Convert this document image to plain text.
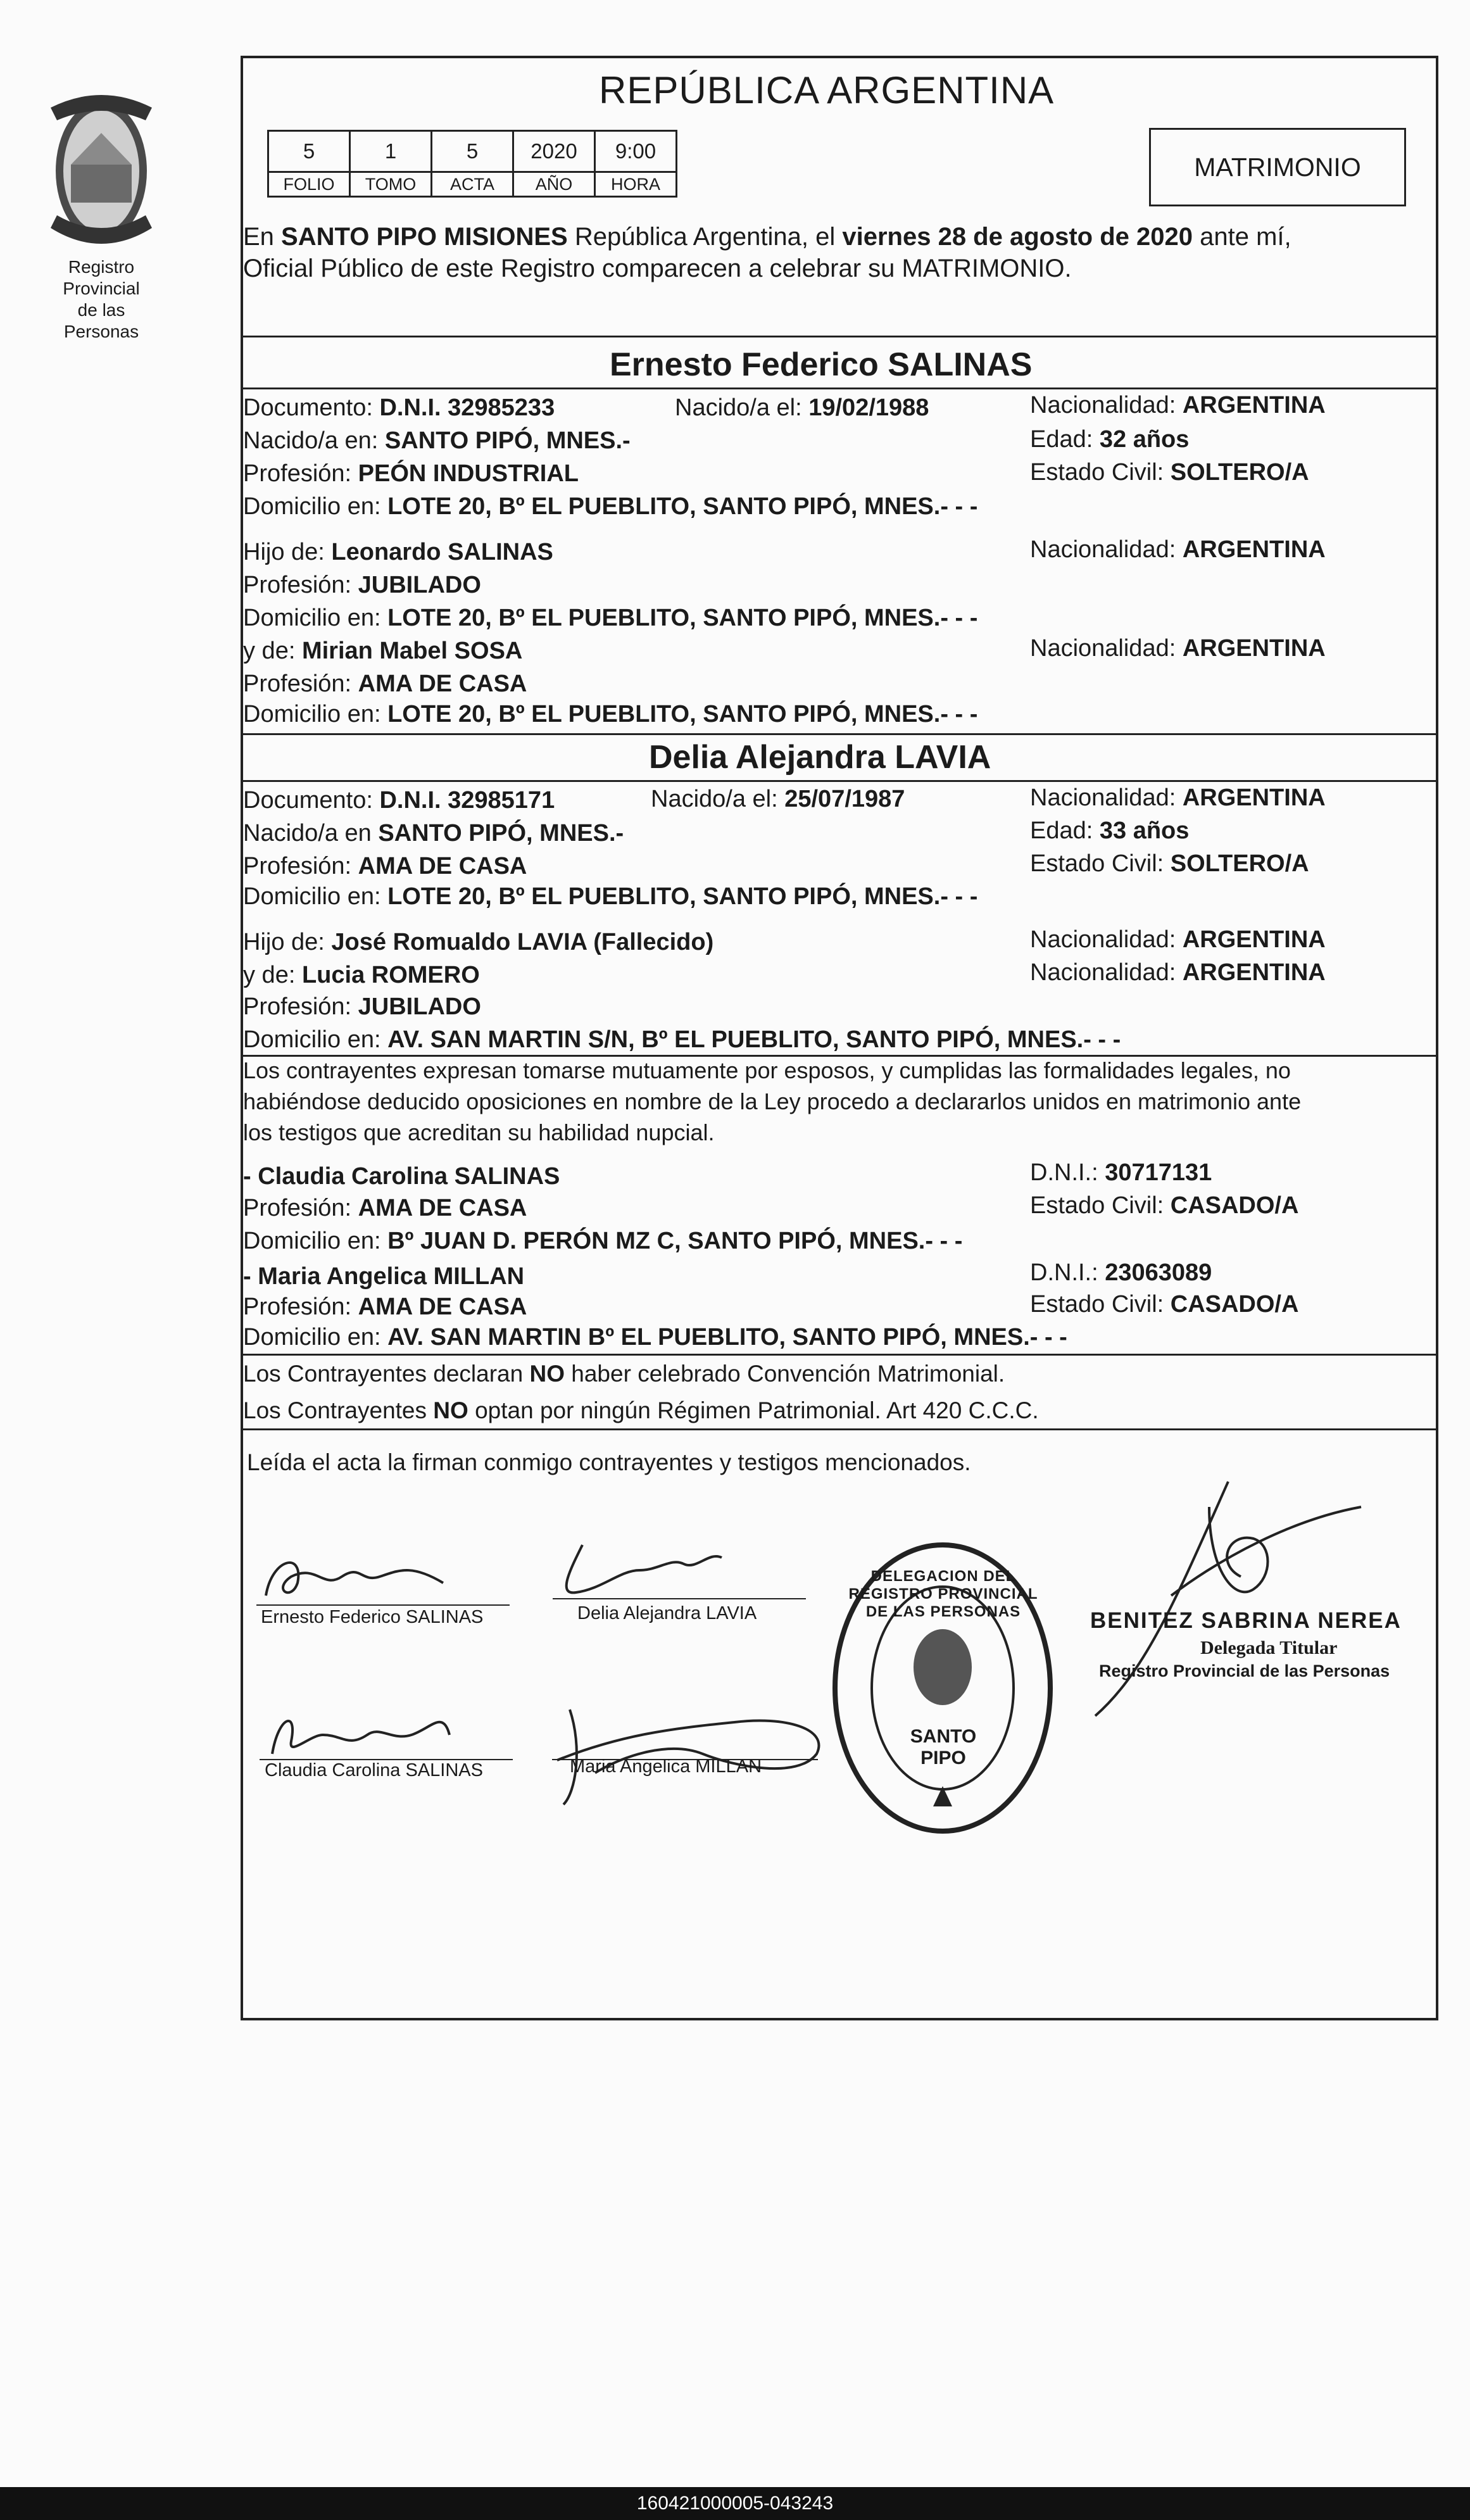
Registro Provincial
de las Personas
REPÚBLICA ARGENTINA
5	1	5	2020	9:00
FOLIO	TOMO	ACTA	AÑO	HORA
MATRIMONIO
En SANTO PIPO MISIONES República Argentina, el viernes 28 de agosto de 2020 ante mí,
Oficial Público de este Registro comparecen a celebrar su MATRIMONIO.
Ernesto Federico SALINAS
Documento: D.N.I. 32985233	Nacido/a el: 19/02/1988	Nacionalidad: ARGENTINA
Nacido/a en: SANTO PIPÓ, MNES.-	Edad: 32 años
Profesión: PEÓN INDUSTRIAL	Estado Civil: SOLTERO/A
Domicilio en: LOTE 20, Bº EL PUEBLITO, SANTO PIPÓ, MNES.- - -
Hijo de: Leonardo SALINAS	Nacionalidad: ARGENTINA
Profesión: JUBILADO
Domicilio en: LOTE 20, Bº EL PUEBLITO, SANTO PIPÓ, MNES.- - -
y de: Mirian Mabel SOSA	Nacionalidad: ARGENTINA
Profesión: AMA DE CASA
Domicilio en: LOTE 20, Bº EL PUEBLITO, SANTO PIPÓ, MNES.- - -
Delia Alejandra LAVIA
Documento: D.N.I. 32985171	Nacido/a el: 25/07/1987	Nacionalidad: ARGENTINA
Nacido/a en SANTO PIPÓ, MNES.-	Edad: 33 años
Profesión: AMA DE CASA	Estado Civil: SOLTERO/A
Domicilio en: LOTE 20, Bº EL PUEBLITO, SANTO PIPÓ, MNES.- - -
Hijo de: José Romualdo LAVIA (Fallecido)	Nacionalidad: ARGENTINA
y de: Lucia ROMERO	Nacionalidad: ARGENTINA
Profesión: JUBILADO
Domicilio en: AV. SAN MARTIN S/N, Bº EL PUEBLITO, SANTO PIPÓ, MNES.- - -
Los contrayentes expresan tomarse mutuamente por esposos, y cumplidas las formalidades legales, no
habiéndose deducido oposiciones en nombre de la Ley procedo a declararlos unidos en matrimonio ante
los testigos que acreditan su habilidad nupcial.
- Claudia Carolina SALINAS	D.N.I.: 30717131
Profesión: AMA DE CASA	Estado Civil: CASADO/A
Domicilio en: Bº JUAN D. PERÓN MZ C, SANTO PIPÓ, MNES.- - -
- Maria Angelica MILLAN	D.N.I.: 23063089
Profesión: AMA DE CASA	Estado Civil: CASADO/A
Domicilio en: AV. SAN MARTIN Bº EL PUEBLITO, SANTO PIPÓ, MNES.- - -
Los Contrayentes declaran NO haber celebrado Convención Matrimonial.
Los Contrayentes NO optan por ningún Régimen Patrimonial. Art 420 C.C.C.
Leída el acta la firman conmigo contrayentes y testigos mencionados.
Ernesto Federico SALINAS	Delia Alejandra LAVIA
Claudia Carolina SALINAS	Maria Angelica MILLAN
DELEGACION DEL REGISTRO PROVINCIAL DE LAS PERSONAS
SANTO PIPO
BENITEZ SABRINA NEREA
Delegada Titular
Registro Provincial de las Personas
160421000005-043243
